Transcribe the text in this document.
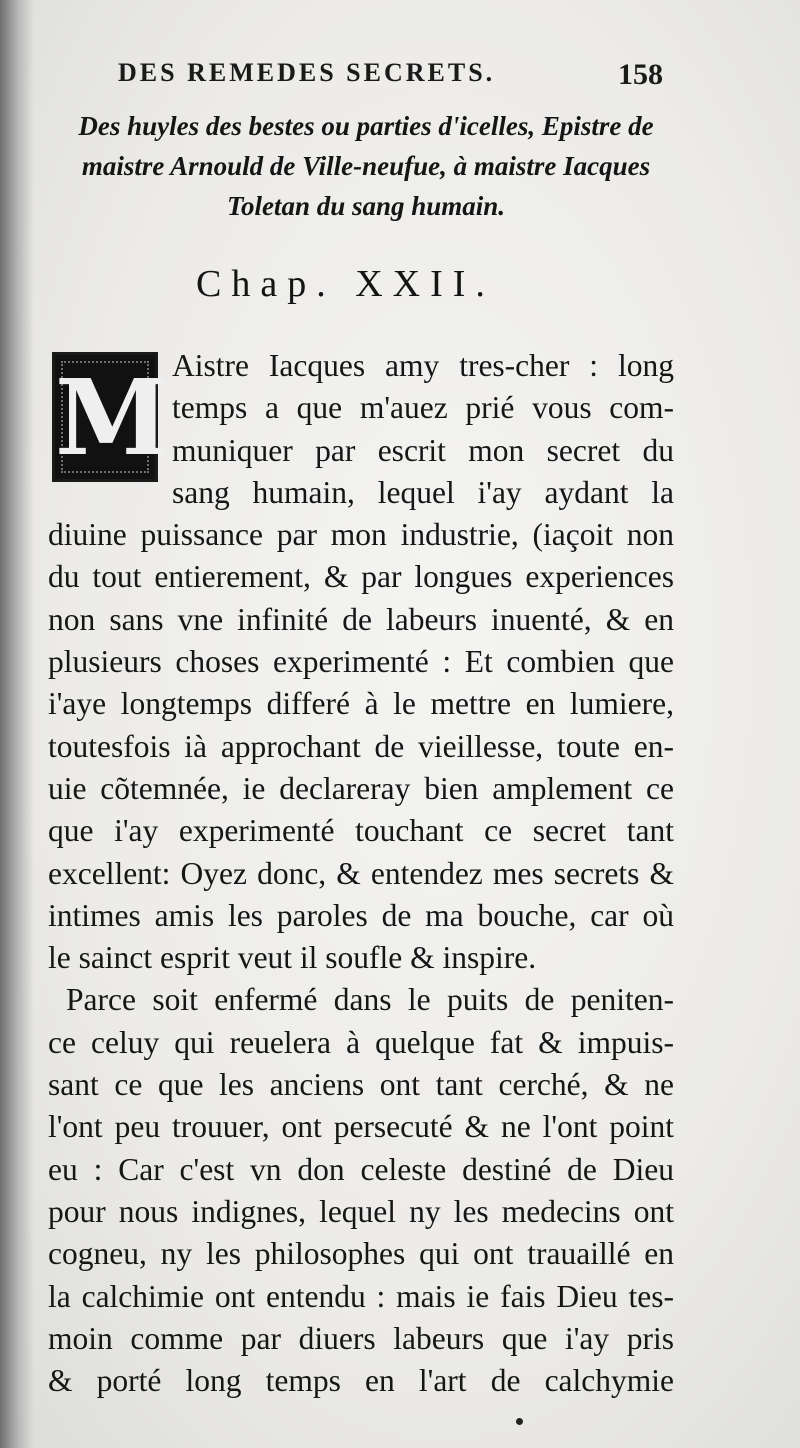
DES REMEDES SECRETS.	158
Des huyles des bestes ou parties d'icelles, Epistre de maistre Arnould de Ville-neufue, à maistre Iacques Toletan du sang humain.
Chap. XXII.
M Aistre Iacques amy tres-cher : long
temps a que m'auez prié vous com-
muniquer par escrit mon secret du
sang humain, lequel i'ay aydant la
diuine puissance par mon industrie, (iaçoit non
du tout entierement, & par longues experiences
non sans vne infinité de labeurs inuenté, & en
plusieurs choses experimenté : Et combien que
i'aye longtemps differé à le mettre en lumiere,
toutesfois ià approchant de vieillesse, toute en-
uie cõtemnée, ie declareray bien amplement ce
que i'ay experimenté touchant ce secret tant
excellent: Oyez donc, & entendez mes secrets &
intimes amis les paroles de ma bouche, car où
le sainct esprit veut il soufle & inspire.
Parce soit enfermé dans le puits de peniten-
ce celuy qui reuelera à quelque fat & impuis-
sant ce que les anciens ont tant cerché, & ne
l'ont peu trouuer, ont persecuté & ne l'ont point
eu : Car c'est vn don celeste destiné de Dieu
pour nous indignes, lequel ny les medecins ont
cogneu, ny les philosophes qui ont trauaillé en
la calchimie ont entendu : mais ie fais Dieu tes-
moin comme par diuers labeurs que i'ay pris
& porté long temps en l'art de calchymie
